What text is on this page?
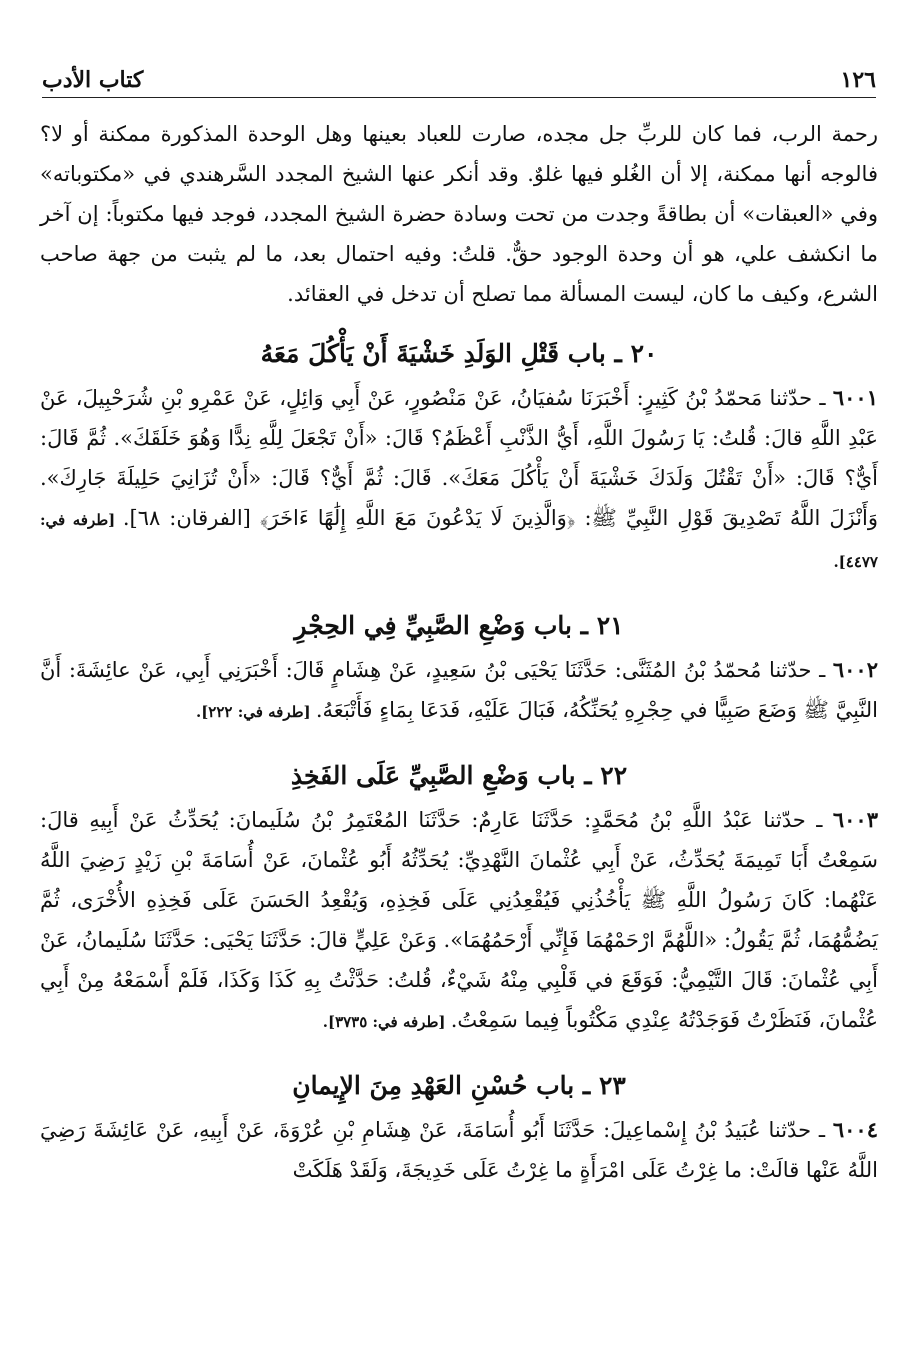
١٢٦
كتاب الأدب

رحمة الرب، فما كان للربِّ جل مجده، صارت للعباد بعينها وهل الوحدة المذكورة ممكنة أو لا؟ فالوجه أنها ممكنة، إلا أن الغُلو فيها غلوٌ. وقد أنكر عنها الشيخ المجدد السَّرهندي في «مكتوباته» وفي «العبقات» أن بطاقةً وجدت من تحت وسادة حضرة الشيخ المجدد، فوجد فيها مكتوباً: إن آخر ما انكشف علي، هو أن وحدة الوجود حقٌّ. قلتُ: وفيه احتمال بعد، ما لم يثبت من جهة صاحب الشرع، وكيف ما كان، ليست المسألة مما تصلح أن تدخل في العقائد.

٢٠ ـ باب قَتْلِ الوَلَدِ خَشْيَةَ أَنْ يَأْكُلَ مَعَهُ

٦٠٠١ ـ حدّثنا مَحمّدُ بْنُ كَثِيرٍ: أَخْبَرَنَا سُفيَانُ، عَنْ مَنْصُورٍ، عَنْ أَبِي وَائِلٍ، عَنْ عَمْرِو بْنِ شُرَحْبِيلَ، عَنْ عَبْدِ اللَّهِ قالَ: قُلتُ: يَا رَسُولَ اللَّهِ، أَيُّ الذَّنْبِ أَعْظَمُ؟ قَالَ: «أَنْ تَجْعَلَ لِلَّهِ نِدًّا وَهُوَ خَلَقَكَ». ثُمَّ قَالَ: أَيٌّ؟ قَالَ: «أَنْ تَقْتُلَ وَلَدَكَ خَشْيَةَ أَنْ يَأْكُلَ مَعَكَ». قَالَ: ثُمَّ أَيٌّ؟ قَالَ: «أَنْ تُزَانِيَ حَلِيلَةَ جَارِكَ». وَأَنْزَلَ اللَّهُ تَصْدِيقَ قَوْلِ النَّبِيِّ ﷺ: ﴿وَالَّذِينَ لَا يَدْعُونَ مَعَ اللَّهِ إِلَٰهًا ءَاخَرَ﴾ [الفرقان: ٦٨]. [طرفه في: ٤٤٧٧].

٢١ ـ باب وَضْعِ الصَّبِيِّ فِي الحِجْرِ

٦٠٠٢ ـ حدّثنا مُحمّدُ بْنُ المُثَنَّى: حَدَّثَنَا يَحْيَى بْنُ سَعِيدٍ، عَنْ هِشَامٍ قَالَ: أَخْبَرَنِي أَبِي، عَنْ عائِشَةَ: أَنَّ النَّبِيَّ ﷺ وَضَعَ صَبِيًّا في حِجْرِهِ يُحَنِّكُهُ، فَبَالَ عَلَيْهِ، فَدَعَا بِمَاءٍ فَأَتْبَعَهُ. [طرفه في: ٢٢٢].

٢٢ ـ باب وَضْعِ الصَّبِيِّ عَلَى الفَخِذِ

٦٠٠٣ ـ حدّثنا عَبْدُ اللَّهِ بْنُ مُحَمَّدٍ: حَدَّثَنَا عَارِمٌ: حَدَّثَنَا المُعْتَمِرُ بْنُ سُلَيمانَ: يُحَدِّثُ عَنْ أَبِيهِ قالَ: سَمِعْتُ أَبَا تَمِيمَةَ يُحَدِّثُ، عَنْ أَبِي عُثْمانَ النَّهْدِيِّ: يُحَدِّثُهُ أَبُو عُثْمانَ، عَنْ أُسَامَةَ بْنِ زَيْدٍ رَضِيَ اللَّهُ عَنْهُما: كَانَ رَسُولُ اللَّهِ ﷺ يَأْخُذُنِي فَيُقْعِدُنِي عَلَى فَخِذِهِ، وَيُقْعِدُ الحَسَنَ عَلَى فَخِذِهِ الأُخْرَى، ثُمَّ يَضُمُّهُمَا، ثُمَّ يَقُولُ: «اللَّهُمَّ ارْحَمْهُمَا فَإِنِّي أَرْحَمُهُمَا». وَعَنْ عَلِيٍّ قالَ: حَدَّثَنَا يَحْيَى: حَدَّثَنَا سُلَيمانُ، عَنْ أَبِي عُثْمانَ: قَالَ التَّيْمِيُّ: فَوَقَعَ في قَلْبِي مِنْهُ شَيْءٌ، قُلتُ: حَدَّثْتُ بِهِ كَذَا وَكَذَا، فَلَمْ أَسْمَعْهُ مِنْ أَبِي عُثْمانَ، فَنَظَرْتُ فَوَجَدْتُهُ عِنْدِي مَكْتُوباً فِيما سَمِعْتُ. [طرفه في: ٣٧٣٥].

٢٣ ـ باب حُسْنِ العَهْدِ مِنَ الإِيمانِ

٦٠٠٤ ـ حدّثنا عُبَيدُ بْنُ إِسْماعِيلَ: حَدَّثَنَا أَبُو أُسَامَةَ، عَنْ هِشَامِ بْنِ عُرْوَةَ، عَنْ أَبِيهِ، عَنْ عَائِشَةَ رَضِيَ اللَّهُ عَنْها قالَتْ: ما غِرْتُ عَلَى امْرَأَةٍ ما غِرْتُ عَلَى خَدِيجَةَ، وَلَقَدْ هَلَكَتْ
